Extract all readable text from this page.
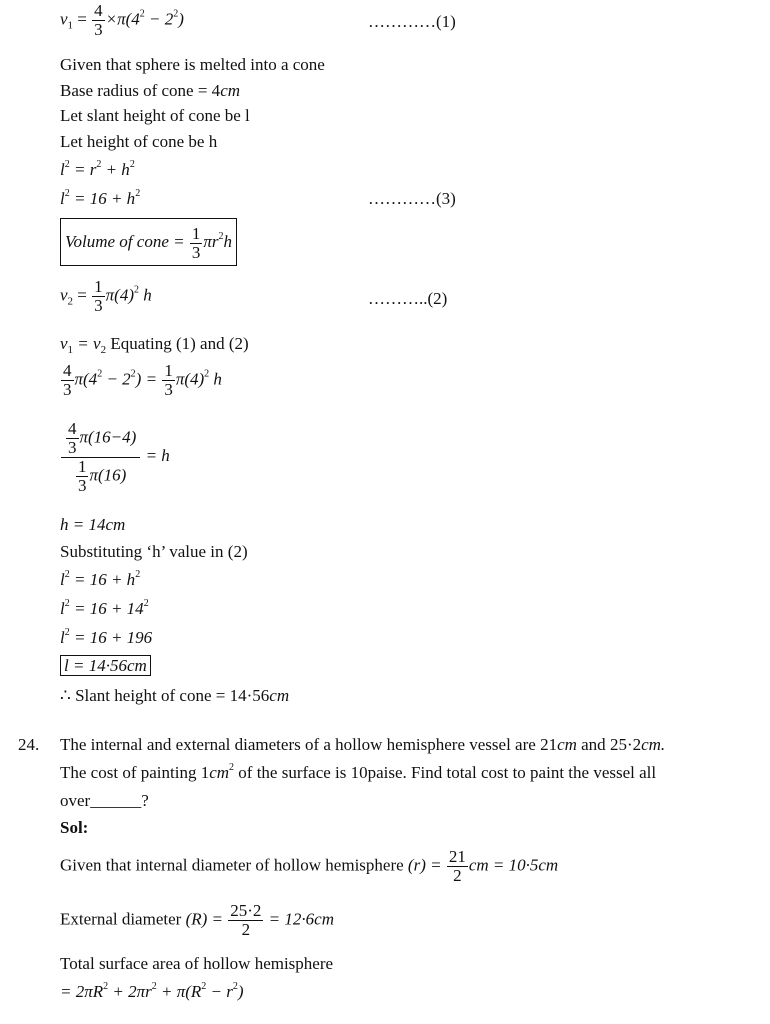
$v_1 = \frac{4}{3} \times\pi(4^2 - 2^2)$	…………(1)
Given that sphere is melted into a cone
Base radius of cone = 4cm
Let slant height of cone be l
Let height of cone be h
$l^2 = r^2 + h^2$
$l^2 = 16 + h^2$	…………(3)
Volume of cone = $\frac{1}{3} \pi r^2h$
$v_2 = \frac{1}{3} \pi(4)^2$ h	………..(2)
$v_1 = v_2$ Equating (1) and (2)
$\frac{4}{3} \pi(4^2 - 2^2) = \frac{1}{3} \pi(4)^2$ h
$\frac{\frac{4}{3} \pi(16-4)}{\frac{1}{3} \pi(16)} = h$
h = 14cm
Substituting ‘h’ value in (2)
$l^2 = 16 + h^2$
$l^2 = 16 + 14^2$
$l^2 = 16 + 196$
l = 14·56cm
∴ Slant height of cone = 14·56cm
24. The internal and external diameters of a hollow hemisphere vessel are 21cm and 25·2cm.
The cost of painting $1cm^2$ of the surface is 10paise. Find total cost to paint the vessel all
over______?
Sol:
Given that internal diameter of hollow hemisphere $(r) = \frac{21}{2}$ cm = 10·5cm
External diameter $(R) = \frac{25\cdot 2}{2} = 12\cdot 6cm$
Total surface area of hollow hemisphere
= $2\pi R^2 + 2\pi r^2 + \pi(R^2 - r^2)$
